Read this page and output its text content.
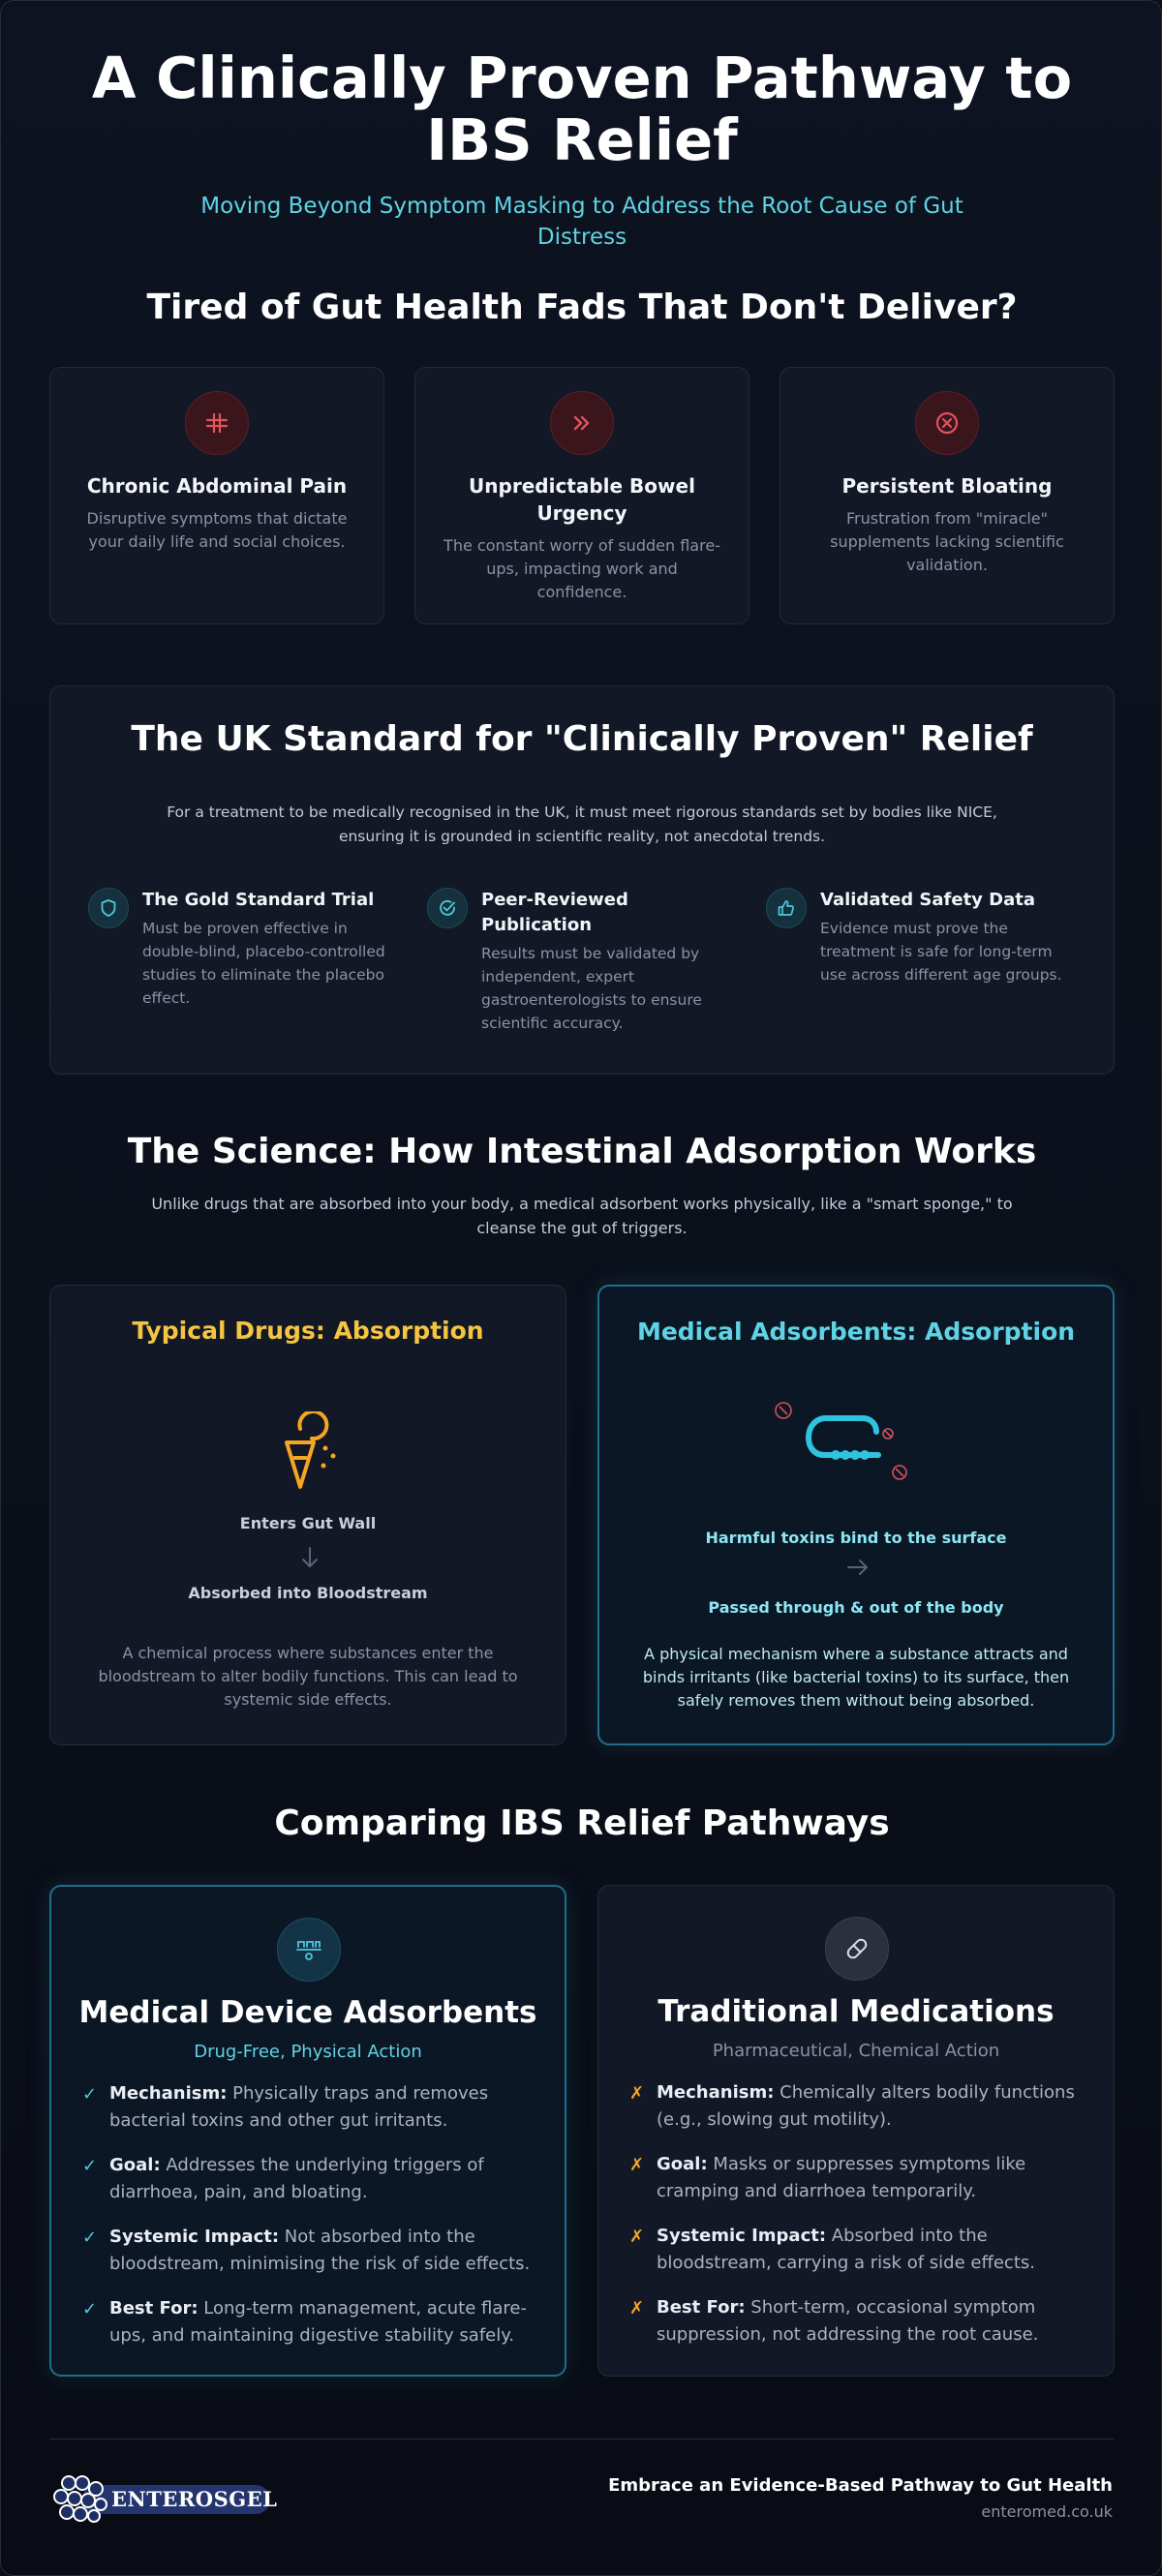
A Clinically Proven Pathway to IBS Relief

Moving Beyond Symptom Masking to Address the Root Cause of Gut Distress

Tired of Gut Health Fads That Don't Deliver?
Chronic Abdominal Pain
Disruptive symptoms that dictate your daily life and social choices.
Unpredictable Bowel Urgency
The constant worry of sudden flare-ups, impacting work and confidence.
Persistent Bloating
Frustration from "miracle" supplements lacking scientific validation.
The UK Standard for "Clinically Proven" Relief

For a treatment to be medically recognised in the UK, it must meet rigorous standards set by bodies like NICE, ensuring it is grounded in scientific reality, not anecdotal trends.

The Gold Standard Trial
Must be proven effective in double-blind, placebo-controlled studies to eliminate the placebo effect.
Peer-Reviewed Publication
Results must be validated by independent, expert gastroenterologists to ensure scientific accuracy.
Validated Safety Data
Evidence must prove the treatment is safe for long-term use across different age groups.
The Science: How Intestinal Adsorption Works

Unlike drugs that are absorbed into your body, a medical adsorbent works physically, like a "smart sponge," to cleanse the gut of triggers.

Typical Drugs: Absorption
Enters Gut Wall
Absorbed into Bloodstream
A chemical process where substances enter the bloodstream to alter bodily functions. This can lead to systemic side effects.
Medical Adsorbents: Adsorption
Harmful toxins bind to the surface
Passed through & out of the body
A physical mechanism where a substance attracts and binds irritants (like bacterial toxins) to its surface, then safely removes them without being absorbed.
Comparing IBS Relief Pathways
Medical Device Adsorbents
Drug-Free, Physical Action
✓ Mechanism: Physically traps and removes bacterial toxins and other gut irritants.
✓ Goal: Addresses the underlying triggers of diarrhoea, pain, and bloating.
✓ Systemic Impact: Not absorbed into the bloodstream, minimising the risk of side effects.
✓ Best For: Long-term management, acute flare-ups, and maintaining digestive stability safely.
Traditional Medications
Pharmaceutical, Chemical Action
✗ Mechanism: Chemically alters bodily functions (e.g., slowing gut motility).
✗ Goal: Masks or suppresses symptoms like cramping and diarrhoea temporarily.
✗ Systemic Impact: Absorbed into the bloodstream, carrying a risk of side effects.
✗ Best For: Short-term, occasional symptom suppression, not addressing the root cause.
ENTEROSGEL
Embrace an Evidence-Based Pathway to Gut Health
enteromed.co.uk
